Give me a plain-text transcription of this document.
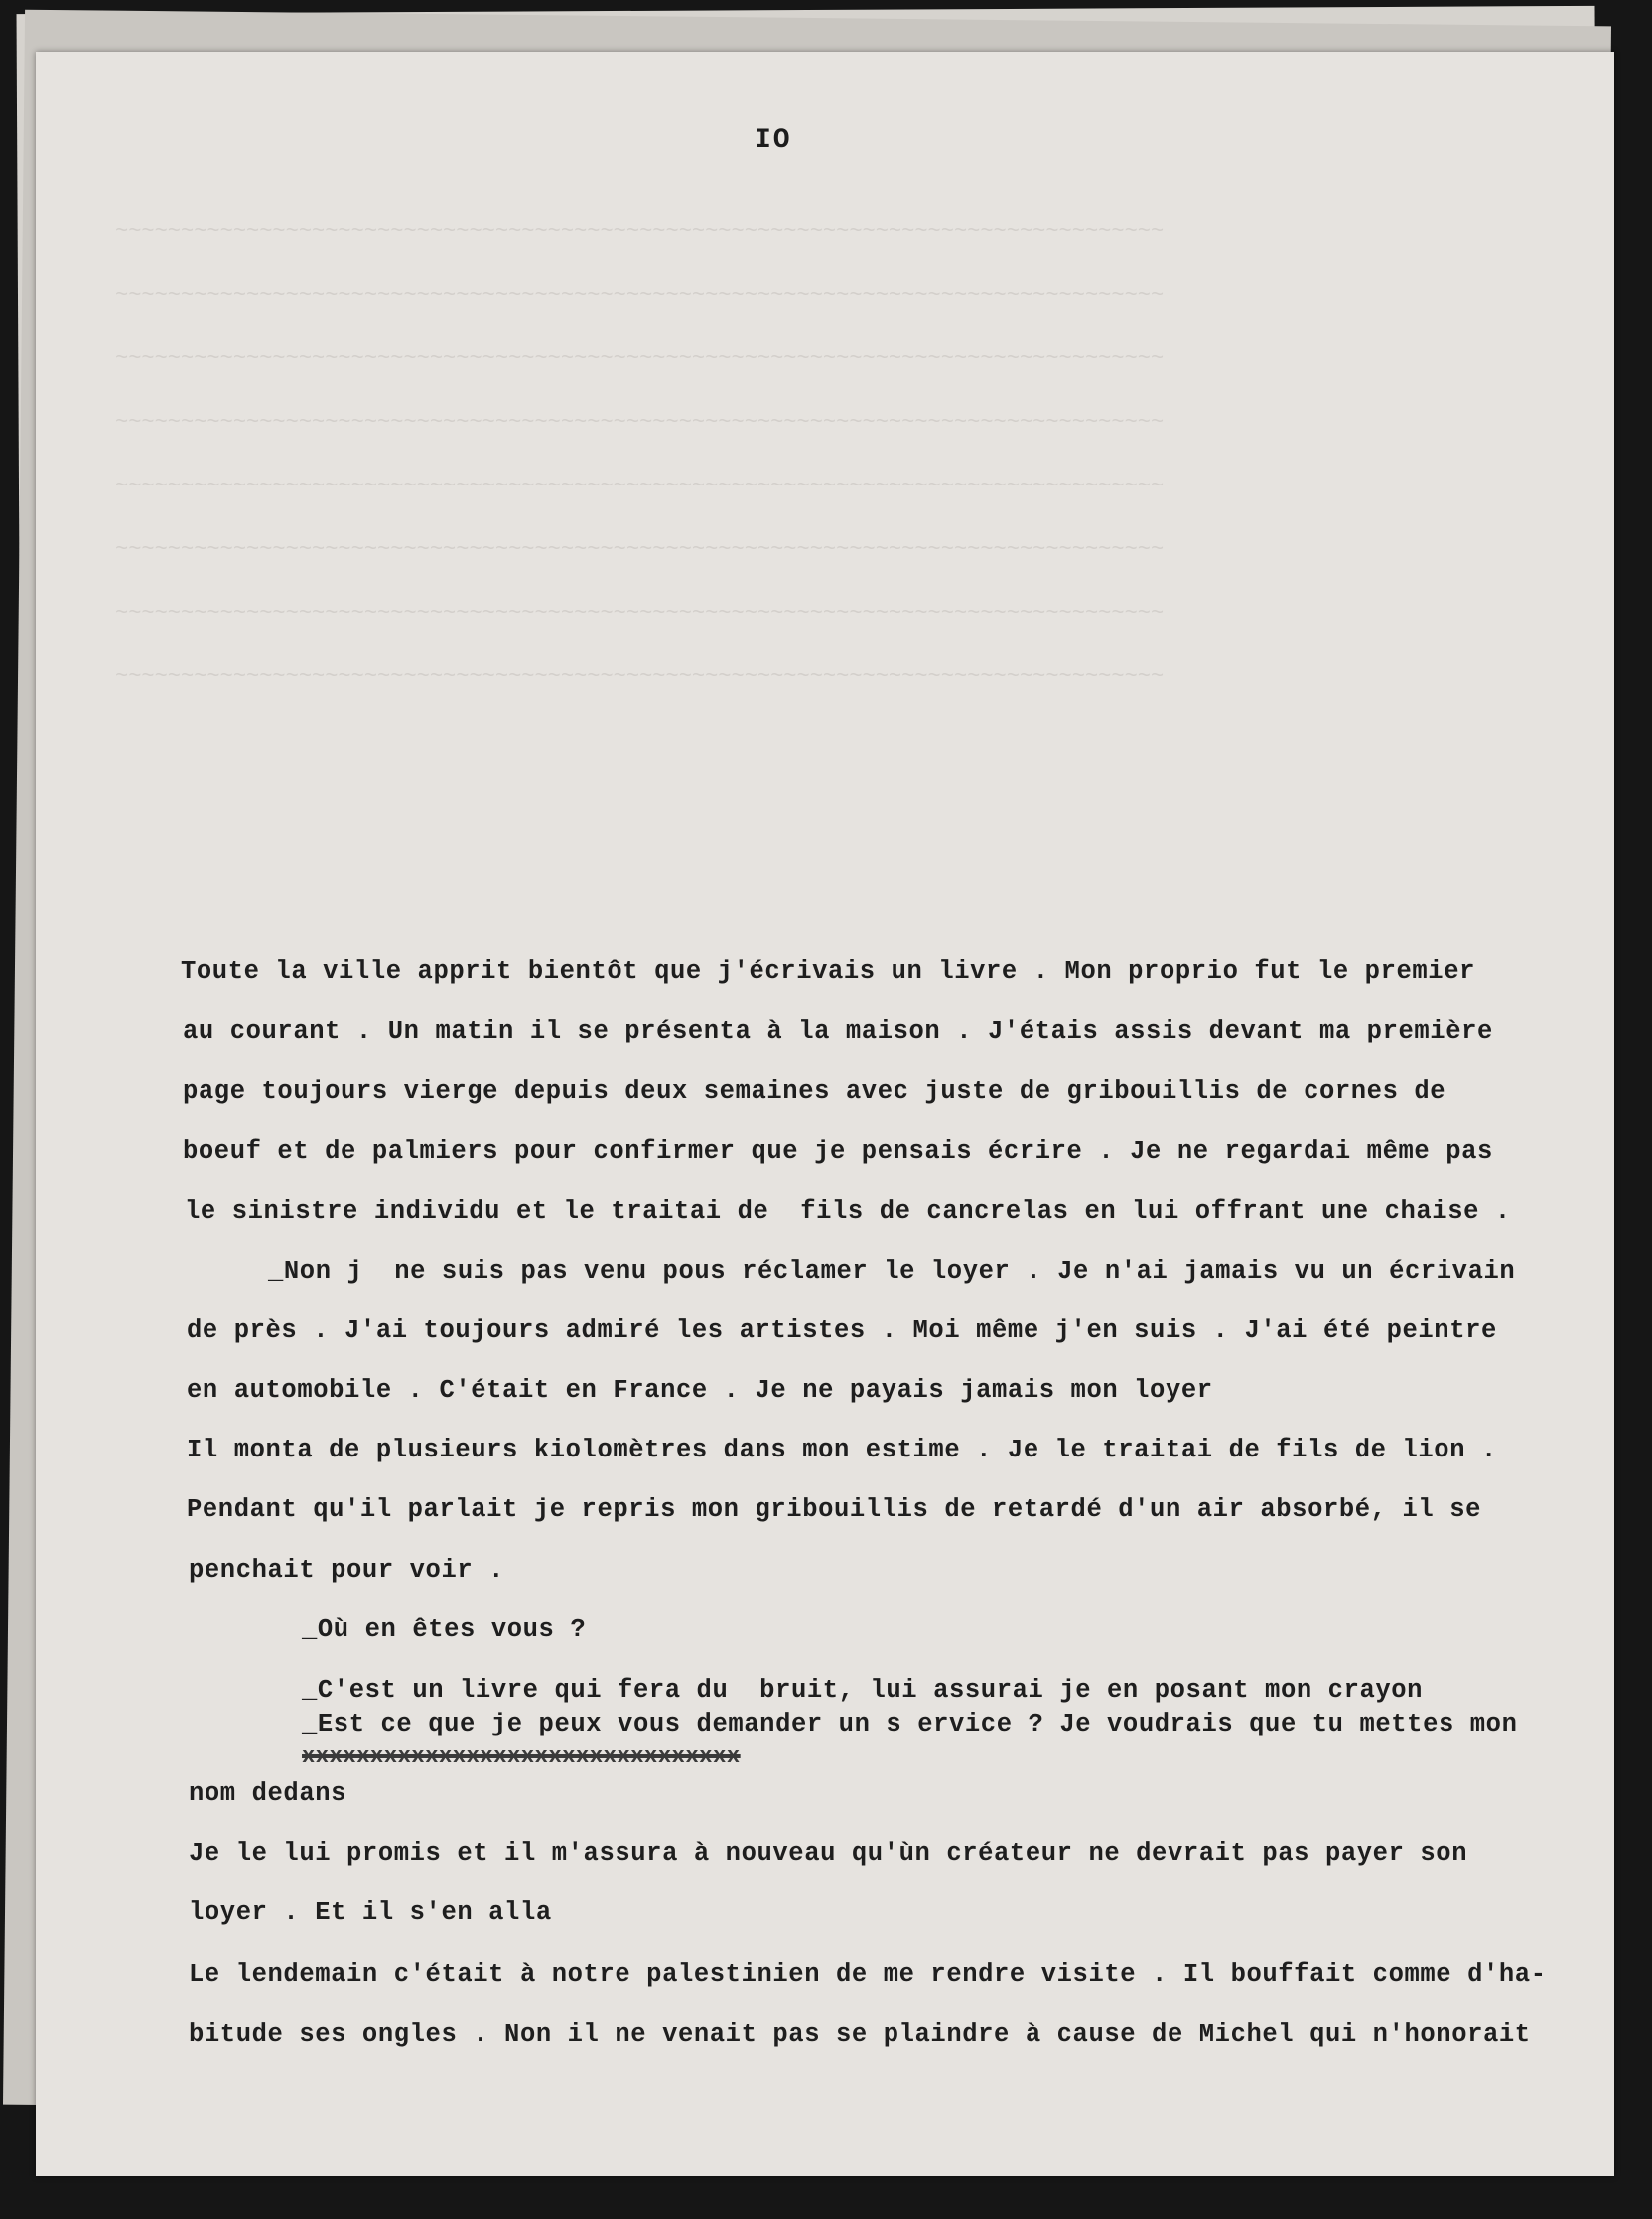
IO
~~~~~~~~~~~~~~~~~~~~~~~~~~~~~~~~~~~~~~~~~~~~~~~~~~~~~~~~~~~~~~~~~~~~~~~~~~~~~~~~
~~~~~~~~~~~~~~~~~~~~~~~~~~~~~~~~~~~~~~~~~~~~~~~~~~~~~~~~~~~~~~~~~~~~~~~~~~~~~~~~
~~~~~~~~~~~~~~~~~~~~~~~~~~~~~~~~~~~~~~~~~~~~~~~~~~~~~~~~~~~~~~~~~~~~~~~~~~~~~~~~
~~~~~~~~~~~~~~~~~~~~~~~~~~~~~~~~~~~~~~~~~~~~~~~~~~~~~~~~~~~~~~~~~~~~~~~~~~~~~~~~
~~~~~~~~~~~~~~~~~~~~~~~~~~~~~~~~~~~~~~~~~~~~~~~~~~~~~~~~~~~~~~~~~~~~~~~~~~~~~~~~
~~~~~~~~~~~~~~~~~~~~~~~~~~~~~~~~~~~~~~~~~~~~~~~~~~~~~~~~~~~~~~~~~~~~~~~~~~~~~~~~
~~~~~~~~~~~~~~~~~~~~~~~~~~~~~~~~~~~~~~~~~~~~~~~~~~~~~~~~~~~~~~~~~~~~~~~~~~~~~~~~
~~~~~~~~~~~~~~~~~~~~~~~~~~~~~~~~~~~~~~~~~~~~~~~~~~~~~~~~~~~~~~~~~~~~~~~~~~~~~~~~
Toute la ville apprit bientôt que j'écrivais un livre . Mon proprio fut le premier
au courant . Un matin il se présenta à la maison . J'étais assis devant ma première
page toujours vierge depuis deux semaines avec juste de gribouillis de cornes de
boeuf et de palmiers pour confirmer que je pensais écrire . Je ne regardai même pas
le sinistre individu et le traitai de  fils de cancrelas en lui offrant une chaise .
_Non j  ne suis pas venu pous réclamer le loyer . Je n'ai jamais vu un écrivain
de près . J'ai toujours admiré les artistes . Moi même j'en suis . J'ai été peintre
en automobile . C'était en France . Je ne payais jamais mon loyer
Il monta de plusieurs kiolomètres dans mon estime . Je le traitai de fils de lion .
Pendant qu'il parlait je repris mon gribouillis de retardé d'un air absorbé, il se
penchait pour voir .
_Où en êtes vous ?
_C'est un livre qui fera du  bruit, lui assurai je en posant mon crayon
_Est ce que je peux vous demander un s ervice ? Je voudrais que tu mettes mon
xxxxxxxxxxxxxxxxxxxxxxxxxxxxxxxx
nom dedans
Je le lui promis et il m'assura à nouveau qu'ùn créateur ne devrait pas payer son
loyer . Et il s'en alla
Le lendemain c'était à notre palestinien de me rendre visite . Il bouffait comme d'ha-
bitude ses ongles . Non il ne venait pas se plaindre à cause de Michel qui n'honorait
